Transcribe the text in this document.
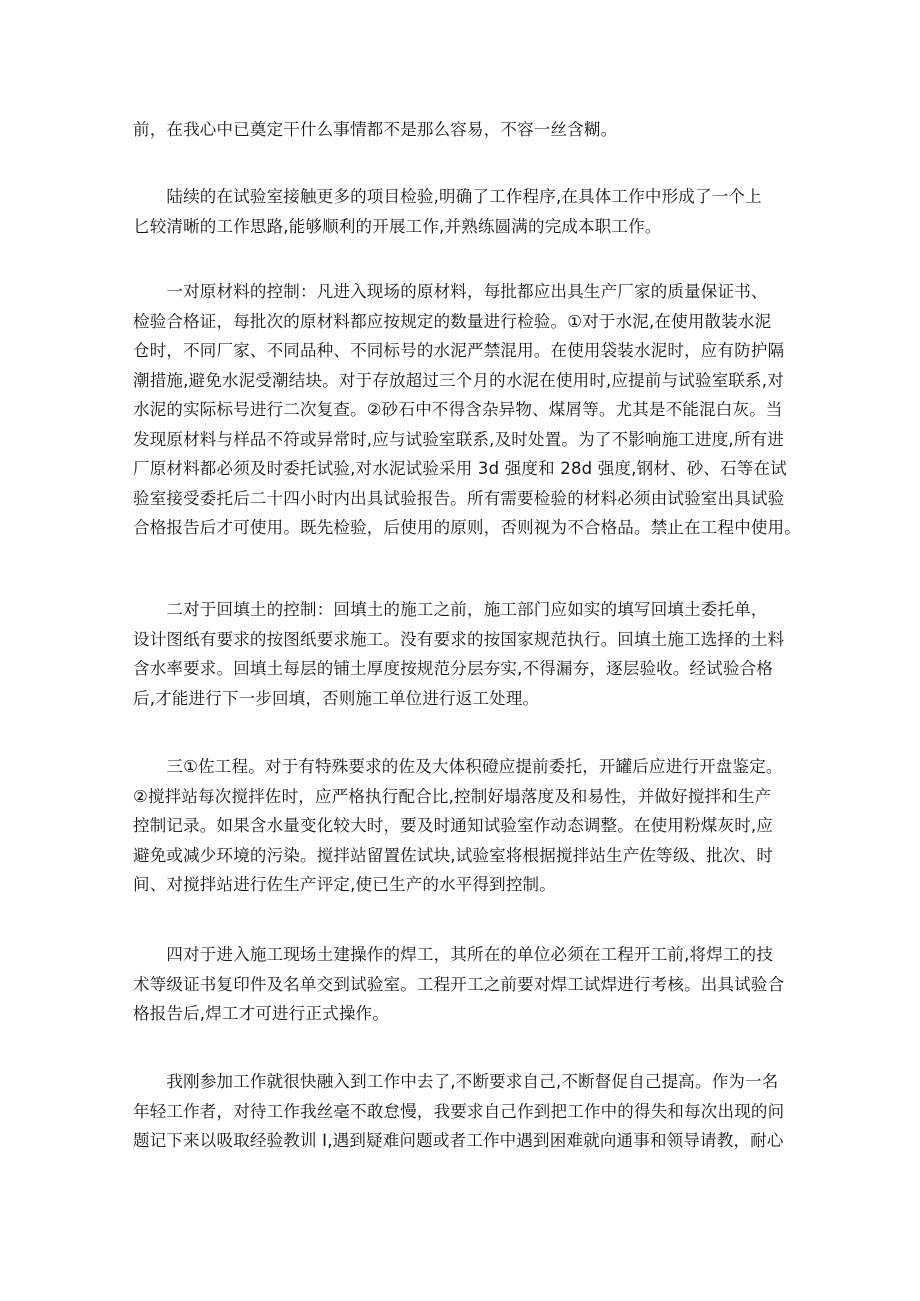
前，在我心中已奠定干什么事情都不是那么容易，不容一丝含糊。

　　陆续的在试验室接触更多的项目检验,明确了工作程序,在具体工作中形成了一个上
匕较清晰的工作思路,能够顺利的开展工作,并熟练圆满的完成本职工作。

　　一对原材料的控制：凡进入现场的原材料，每批都应出具生产厂家的质量保证书、
检验合格证，每批次的原材料都应按规定的数量进行检验。①对于水泥,在使用散装水泥
仓时，不同厂家、不同品种、不同标号的水泥严禁混用。在使用袋装水泥时，应有防护隔
潮措施,避免水泥受潮结块。对于存放超过三个月的水泥在使用时,应提前与试验室联系,对
水泥的实际标号进行二次复查。②砂石中不得含杂异物、煤屑等。尤其是不能混白灰。当
发现原材料与样品不符或异常时,应与试验室联系,及时处置。为了不影响施工进度,所有进
厂原材料都必须及时委托试验,对水泥试验采用 3d 强度和 28d 强度,钢材、砂、石等在试
验室接受委托后二十四小时内出具试验报告。所有需要检验的材料必须由试验室出具试验
合格报告后才可使用。既先检验，后使用的原则，否则视为不合格品。禁止在工程中使用。

　　二对于回填土的控制：回填土的施工之前，施工部门应如实的填写回填土委托单，
设计图纸有要求的按图纸要求施工。没有要求的按国家规范执行。回填土施工选择的土料
含水率要求。回填土每层的铺土厚度按规范分层夯实,不得漏夯，逐层验收。经试验合格
后,才能进行下一步回填，否则施工单位进行返工处理。

　　三①佐工程。对于有特殊要求的佐及大体积磴应提前委托，开罐后应进行开盘鉴定。
②搅拌站每次搅拌佐时，应严格执行配合比,控制好塌落度及和易性，并做好搅拌和生产
控制记录。如果含水量变化较大时，要及时通知试验室作动态调整。在使用粉煤灰时,应
避免或减少环境的污染。搅拌站留置佐试块,试验室将根据搅拌站生产佐等级、批次、时
间、对搅拌站进行佐生产评定,使已生产的水平得到控制。

　　四对于进入施工现场土建操作的焊工，其所在的单位必须在工程开工前,将焊工的技
术等级证书复印件及名单交到试验室。工程开工之前要对焊工试焊进行考核。出具试验合
格报告后,焊工才可进行正式操作。

　　我刚参加工作就很快融入到工作中去了,不断要求自己,不断督促自己提高。作为一名
年轻工作者，对待工作我丝毫不敢怠慢，我要求自己作到把工作中的得失和每次出现的问
题记下来以吸取经验教训 I,遇到疑难问题或者工作中遇到困难就向通事和领导请教，耐心
